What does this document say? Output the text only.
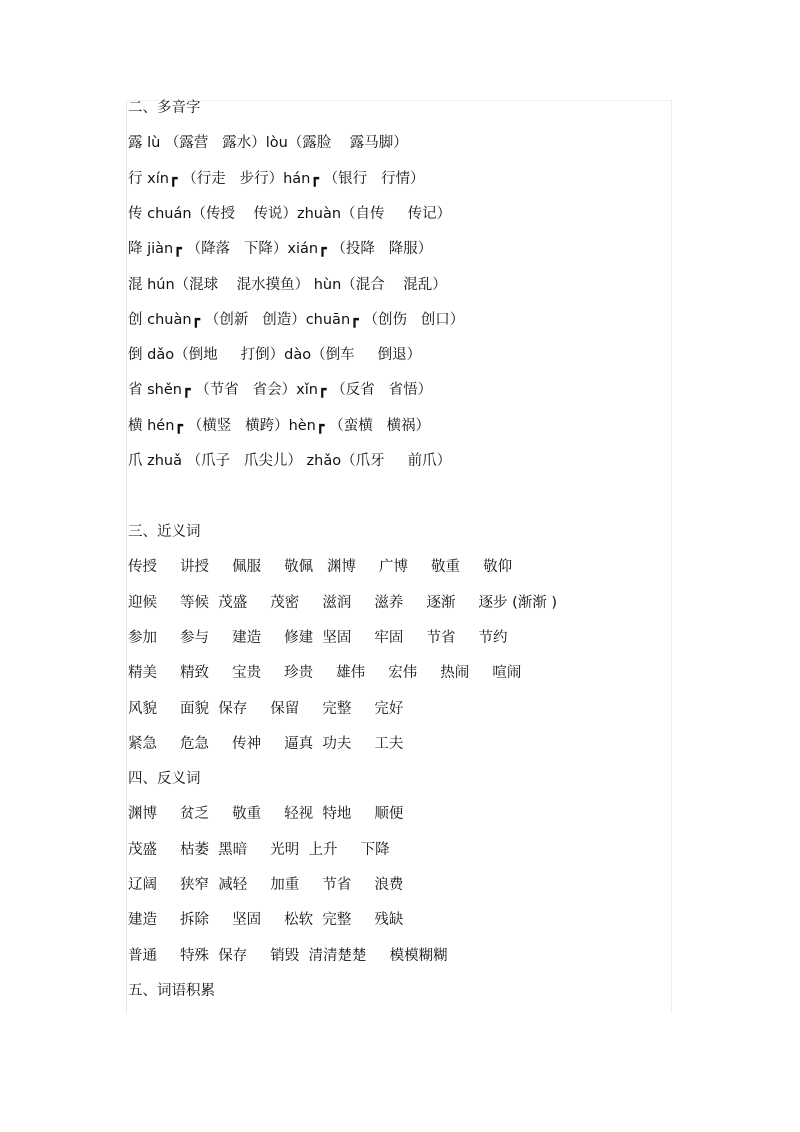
二、多音字
露 lù （露营   露水）lòu（露脸    露马脚）
行 xín┏ （行走   步行）hán┏ （银行   行情）
传 chuán（传授    传说）zhuàn（自传     传记）
降 jiàn┏ （降落   下降）xián┏ （投降   降服）
混 hún（混球    混水摸鱼） hùn（混合    混乱）
创 chuàn┏ （创新   创造）chuān┏ （创伤   创口）
倒 dǎo（倒地     打倒）dào（倒车     倒退）
省 shěn┏ （节省   省会）xǐn┏ （反省   省悟）
横 hén┏ （横竖   横跨）hèn┏ （蛮横   横祸）
爪 zhuǎ （爪子   爪尖儿） zhǎo（爪牙     前爪）
三、近义词
传授     讲授     佩服     敬佩   渊博     广博     敬重     敬仰
迎候     等候  茂盛     茂密     滋润     滋养     逐渐     逐步 (渐渐 )
参加     参与     建造     修建  坚固     牢固     节省     节约
精美     精致     宝贵     珍贵     雄伟     宏伟     热闹     喧闹
风貌     面貌  保存     保留     完整     完好
紧急     危急     传神     逼真  功夫     工夫
四、反义词
渊博     贫乏     敬重     轻视  特地     顺便
茂盛     枯萎  黑暗     光明  上升     下降
辽阔     狭窄  减轻     加重     节省     浪费
建造     拆除     坚固     松软  完整     残缺
普通     特殊  保存     销毁  清清楚楚     模模糊糊
五、词语积累
